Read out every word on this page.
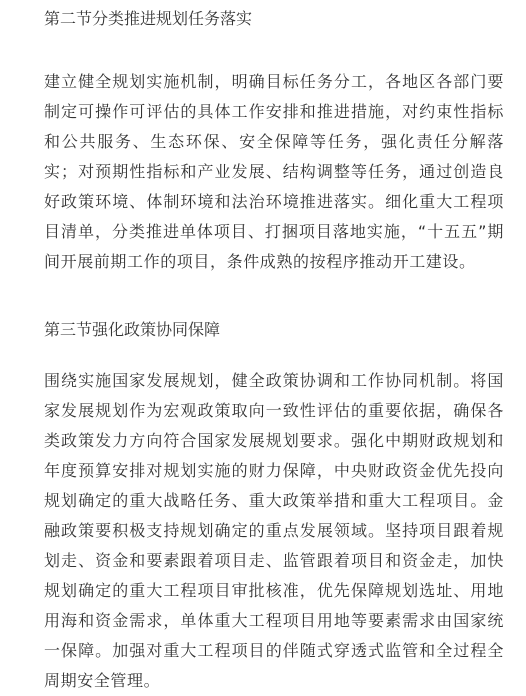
第二节分类推进规划任务落实

建立健全规划实施机制，明确目标任务分工，各地区各部门要制定可操作可评估的具体工作安排和推进措施，对约束性指标和公共服务、生态环保、安全保障等任务，强化责任分解落实；对预期性指标和产业发展、结构调整等任务，通过创造良好政策环境、体制环境和法治环境推进落实。细化重大工程项目清单，分类推进单体项目、打捆项目落地实施，“十五五”期间开展前期工作的项目，条件成熟的按程序推动开工建设。

第三节强化政策协同保障

围绕实施国家发展规划，健全政策协调和工作协同机制。将国家发展规划作为宏观政策取向一致性评估的重要依据，确保各类政策发力方向符合国家发展规划要求。强化中期财政规划和年度预算安排对规划实施的财力保障，中央财政资金优先投向规划确定的重大战略任务、重大政策举措和重大工程项目。金融政策要积极支持规划确定的重点发展领域。坚持项目跟着规划走、资金和要素跟着项目走、监管跟着项目和资金走，加快规划确定的重大工程项目审批核准，优先保障规划选址、用地用海和资金需求，单体重大工程项目用地等要素需求由国家统一保障。加强对重大工程项目的伴随式穿透式监管和全过程全周期安全管理。
